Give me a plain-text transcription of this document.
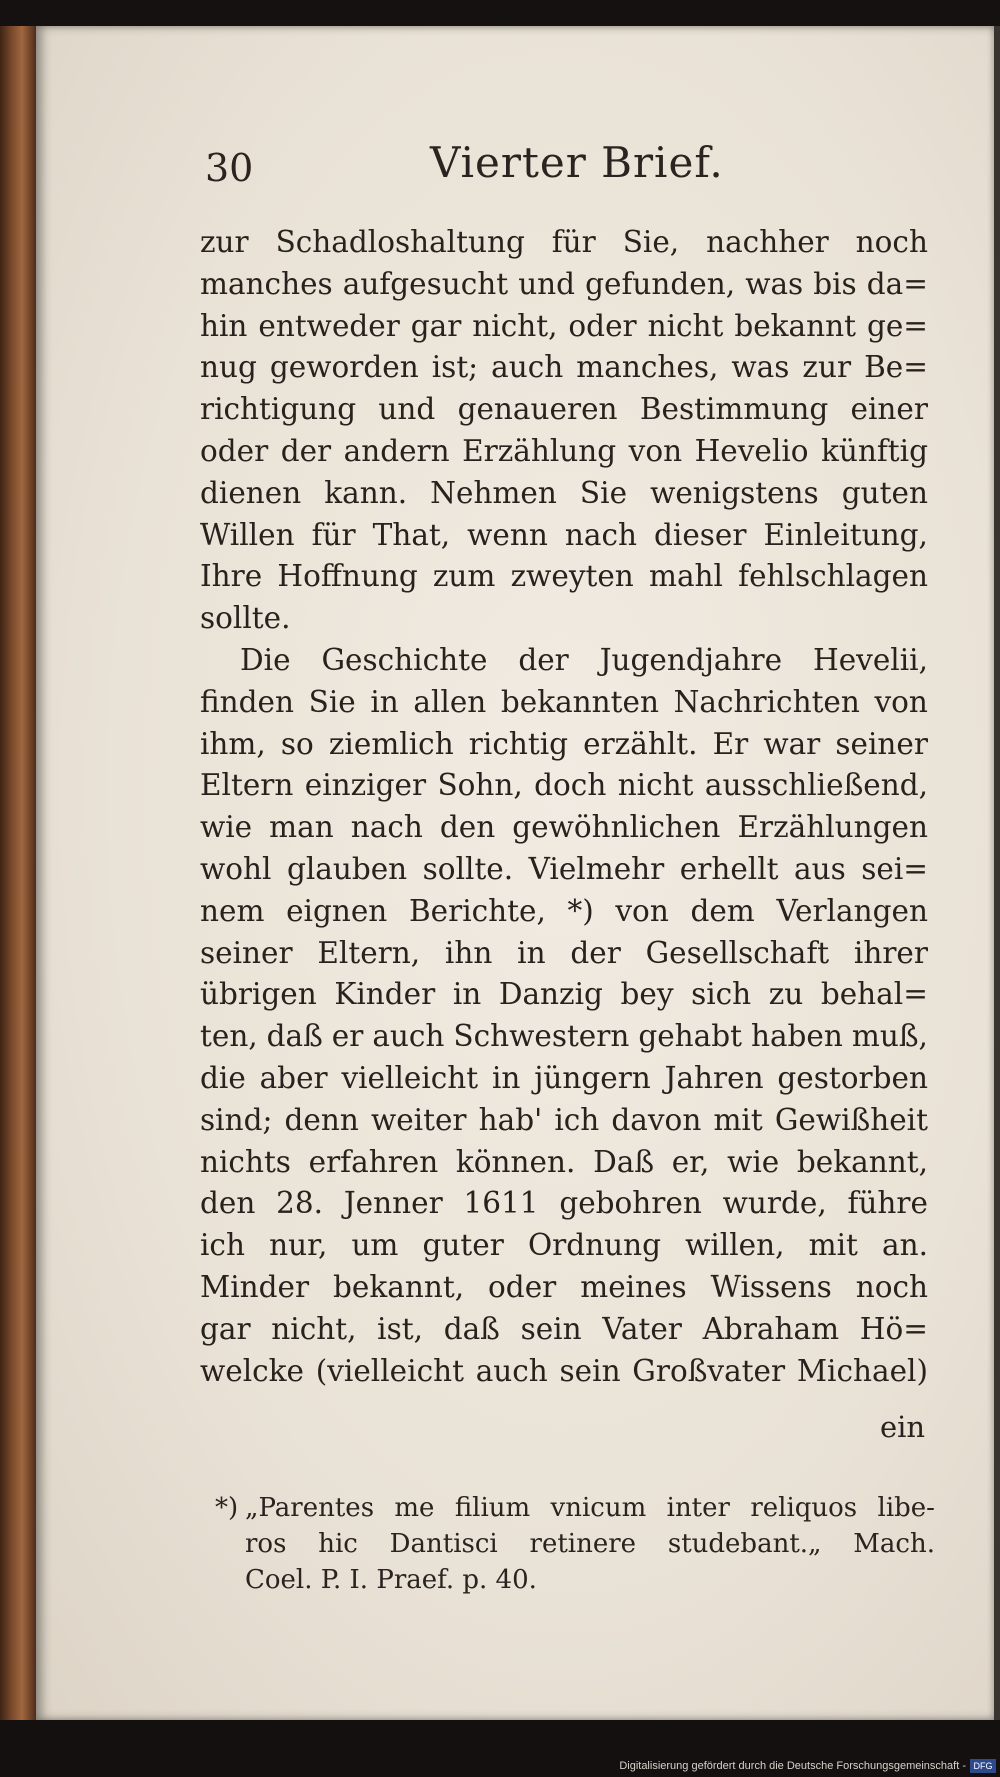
30	Vierter Brief.
zur Schadloshaltung für Sie, nachher noch
manches aufgesucht und gefunden, was bis da=
hin entweder gar nicht, oder nicht bekannt ge=
nug geworden ist; auch manches, was zur Be=
richtigung und genaueren Bestimmung einer
oder der andern Erzählung von Hevelio künftig
dienen kann. Nehmen Sie wenigstens guten
Willen für That, wenn nach dieser Einleitung,
Ihre Hoffnung zum zweyten mahl fehlschlagen
sollte.
Die Geschichte der Jugendjahre Hevelii,
finden Sie in allen bekannten Nachrichten von
ihm, so ziemlich richtig erzählt. Er war seiner
Eltern einziger Sohn, doch nicht ausschließend,
wie man nach den gewöhnlichen Erzählungen
wohl glauben sollte. Vielmehr erhellt aus sei=
nem eignen Berichte, *) von dem Verlangen
seiner Eltern, ihn in der Gesellschaft ihrer
übrigen Kinder in Danzig bey sich zu behal=
ten, daß er auch Schwestern gehabt haben muß,
die aber vielleicht in jüngern Jahren gestorben
sind; denn weiter hab' ich davon mit Gewißheit
nichts erfahren können. Daß er, wie bekannt,
den 28. Jenner 1611 gebohren wurde, führe
ich nur, um guter Ordnung willen, mit an.
Minder bekannt, oder meines Wissens noch
gar nicht, ist, daß sein Vater Abraham Hö=
welcke (vielleicht auch sein Großvater Michael)
ein
*) „Parentes me filium vnicum inter reliquos libe-
ros hic Dantisci retinere studebant.„ Mach.
Coel. P. I. Praef. p. 40.
Digitalisierung gefördert durch die Deutsche Forschungsgemeinschaft - DFG
